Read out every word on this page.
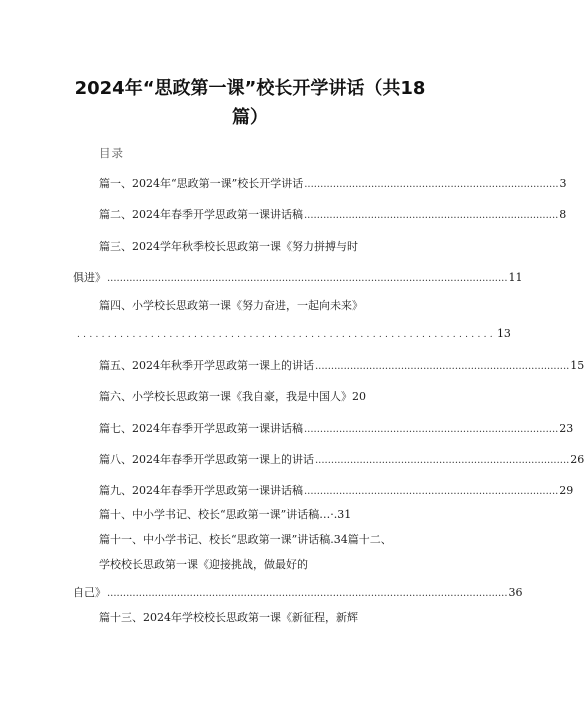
2024年“思政第一课”校长开学讲话（共18
篇）

目录

篇一、2024年“思政第一课”校长开学讲话 ................................................................................ 3
篇二、2024年春季开学思政第一课讲话稿 ................................................................................ 8
篇三、2024学年秋季校长思政第一课《努力拼搏与时
俱进》 .............................................................................................................................. 11
篇四、小学校长思政第一课《努力奋进，一起向未来》
.................................................................... 13
篇五、2024年秋季开学思政第一课上的讲话 ................................................................................ 15
篇六、小学校长思政第一课《我自豪，我是中国人》20
篇七、2024年春季开学思政第一课讲话稿 ................................................................................ 23
篇八、2024年春季开学思政第一课上的讲话 ................................................................................ 26
篇九、2024年春季开学思政第一课讲话稿 ................................................................................ 29
篇十、中小学书记、校长“思政第一课”讲话稿…·.31
篇十一、中小学书记、校长“思政第一课”讲话稿.34篇十二、
学校校长思政第一课《迎接挑战，做最好的
自己》 .............................................................................................................................. 36
篇十三、2024年学校校长思政第一课《新征程，新辉
